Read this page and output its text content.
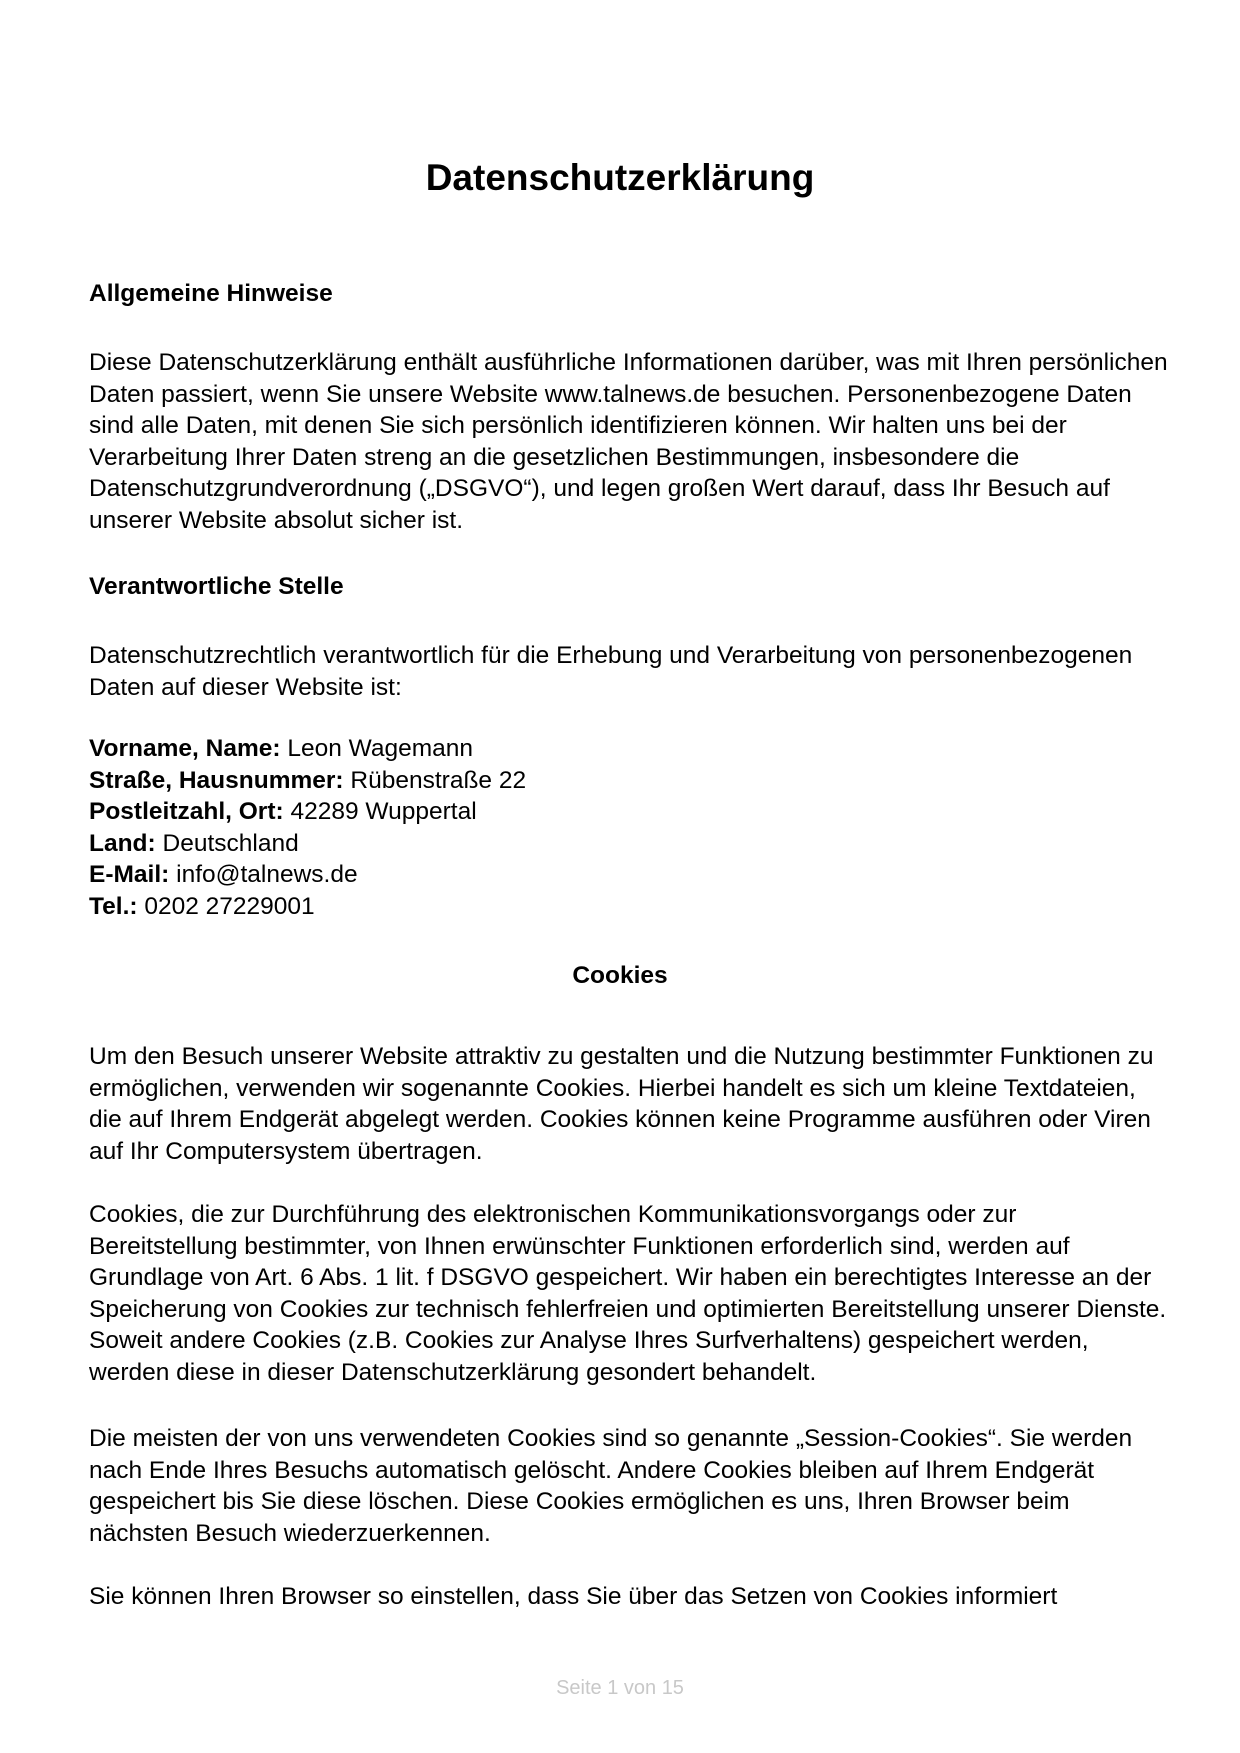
Datenschutzerklärung
Allgemeine Hinweise

Diese Datenschutzerklärung enthält ausführliche Informationen darüber, was mit Ihren persönlichen Daten passiert, wenn Sie unsere Website www.talnews.de besuchen. Personenbezogene Daten sind alle Daten, mit denen Sie sich persönlich identifizieren können. Wir halten uns bei der Verarbeitung Ihrer Daten streng an die gesetzlichen Bestimmungen, insbesondere die Datenschutzgrundverordnung („DSGVO“), und legen großen Wert darauf, dass Ihr Besuch auf unserer Website absolut sicher ist.

Verantwortliche Stelle

Datenschutzrechtlich verantwortlich für die Erhebung und Verarbeitung von personenbezogenen Daten auf dieser Website ist:

Vorname, Name: Leon Wagemann
Straße, Hausnummer: Rübenstraße 22
Postleitzahl, Ort: 42289 Wuppertal
Land: Deutschland
E-Mail: info@talnews.de
Tel.: 0202 27229001

Um den Besuch unserer Website attraktiv zu gestalten und die Nutzung bestimmter Funktionen zu ermöglichen, verwenden wir sogenannte Cookies. Hierbei handelt es sich um kleine Textdateien, die auf Ihrem Endgerät abgelegt werden. Cookies können keine Programme ausführen oder Viren auf Ihr Computersystem übertragen.

Cookies, die zur Durchführung des elektronischen Kommunikationsvorgangs oder zur Bereitstellung bestimmter, von Ihnen erwünschter Funktionen erforderlich sind, werden auf Grundlage von Art. 6 Abs. 1 lit. f DSGVO gespeichert. Wir haben ein berechtigtes Interesse an der Speicherung von Cookies zur technisch fehlerfreien und optimierten Bereitstellung unserer Dienste. Soweit andere Cookies (z.B. Cookies zur Analyse Ihres Surfverhaltens) gespeichert werden, werden diese in dieser Datenschutzerklärung gesondert behandelt.

Die meisten der von uns verwendeten Cookies sind so genannte „Session-Cookies“. Sie werden nach Ende Ihres Besuchs automatisch gelöscht. Andere Cookies bleiben auf Ihrem Endgerät gespeichert bis Sie diese löschen. Diese Cookies ermöglichen es uns, Ihren Browser beim nächsten Besuch wiederzuerkennen.

Sie können Ihren Browser so einstellen, dass Sie über das Setzen von Cookies informiert

Cookies
Seite 1 von 15
